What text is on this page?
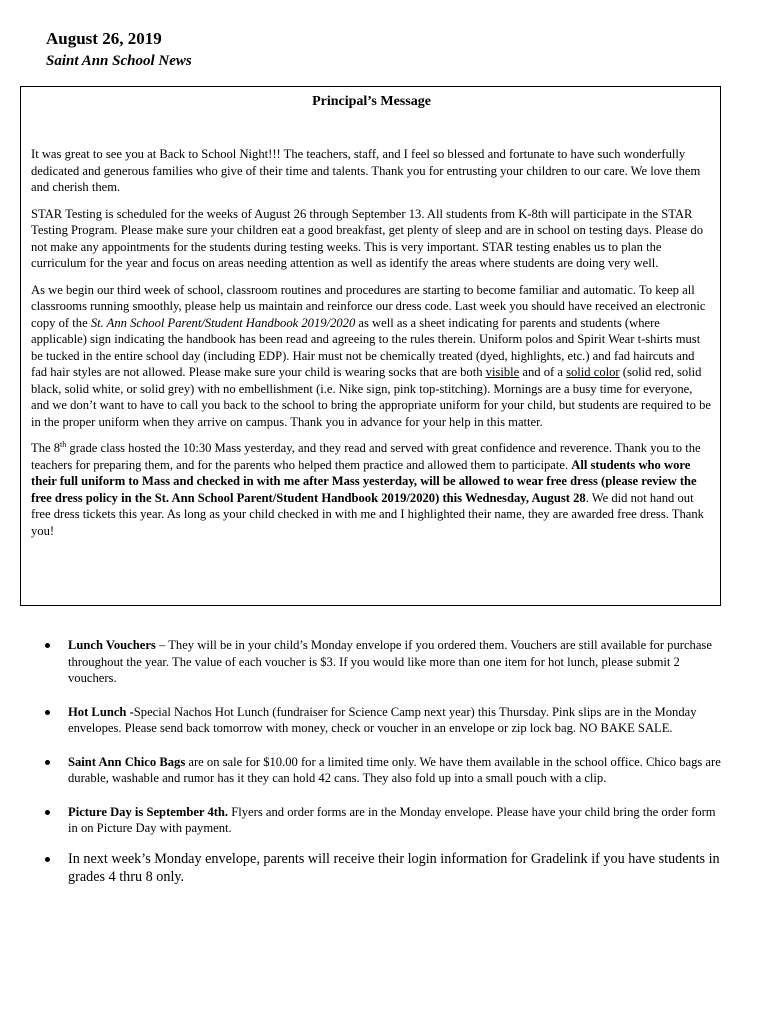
August 26, 2019
Saint Ann School News
Principal’s Message

It was great to see you at Back to School Night!!! The teachers, staff, and I feel so blessed and fortunate to have such wonderfully dedicated and generous families who give of their time and talents. Thank you for entrusting your children to our care. We love them and cherish them.

STAR Testing is scheduled for the weeks of August 26 through September 13. All students from K-8th will participate in the STAR Testing Program. Please make sure your children eat a good breakfast, get plenty of sleep and are in school on testing days. Please do not make any appointments for the students during testing weeks. This is very important. STAR testing enables us to plan the curriculum for the year and focus on areas needing attention as well as identify the areas where students are doing very well.

As we begin our third week of school, classroom routines and procedures are starting to become familiar and automatic. To keep all classrooms running smoothly, please help us maintain and reinforce our dress code. Last week you should have received an electronic copy of the St. Ann School Parent/Student Handbook 2019/2020 as well as a sheet indicating for parents and students (where applicable) sign indicating the handbook has been read and agreeing to the rules therein. Uniform polos and Spirit Wear t-shirts must be tucked in the entire school day (including EDP). Hair must not be chemically treated (dyed, highlights, etc.) and fad haircuts and fad hair styles are not allowed. Please make sure your child is wearing socks that are both visible and of a solid color (solid red, solid black, solid white, or solid grey) with no embellishment (i.e. Nike sign, pink top-stitching). Mornings are a busy time for everyone, and we don’t want to have to call you back to the school to bring the appropriate uniform for your child, but students are required to be in the proper uniform when they arrive on campus. Thank you in advance for your help in this matter.

The 8th grade class hosted the 10:30 Mass yesterday, and they read and served with great confidence and reverence. Thank you to the teachers for preparing them, and for the parents who helped them practice and allowed them to participate. All students who wore their full uniform to Mass and checked in with me after Mass yesterday, will be allowed to wear free dress (please review the free dress policy in the St. Ann School Parent/Student Handbook 2019/2020) this Wednesday, August 28. We did not hand out free dress tickets this year. As long as your child checked in with me and I highlighted their name, they are awarded free dress. Thank you!

Lunch Vouchers – They will be in your child’s Monday envelope if you ordered them. Vouchers are still available for purchase throughout the year. The value of each voucher is $3. If you would like more than one item for hot lunch, please submit 2 vouchers.
Hot Lunch -Special Nachos Hot Lunch (fundraiser for Science Camp next year) this Thursday. Pink slips are in the Monday envelopes. Please send back tomorrow with money, check or voucher in an envelope or zip lock bag. NO BAKE SALE.
Saint Ann Chico Bags are on sale for $10.00 for a limited time only. We have them available in the school office. Chico bags are durable, washable and rumor has it they can hold 42 cans. They also fold up into a small pouch with a clip.
Picture Day is September 4th. Flyers and order forms are in the Monday envelope. Please have your child bring the order form in on Picture Day with payment.
In next week’s Monday envelope, parents will receive their login information for Gradelink if you have students in grades 4 thru 8 only.
